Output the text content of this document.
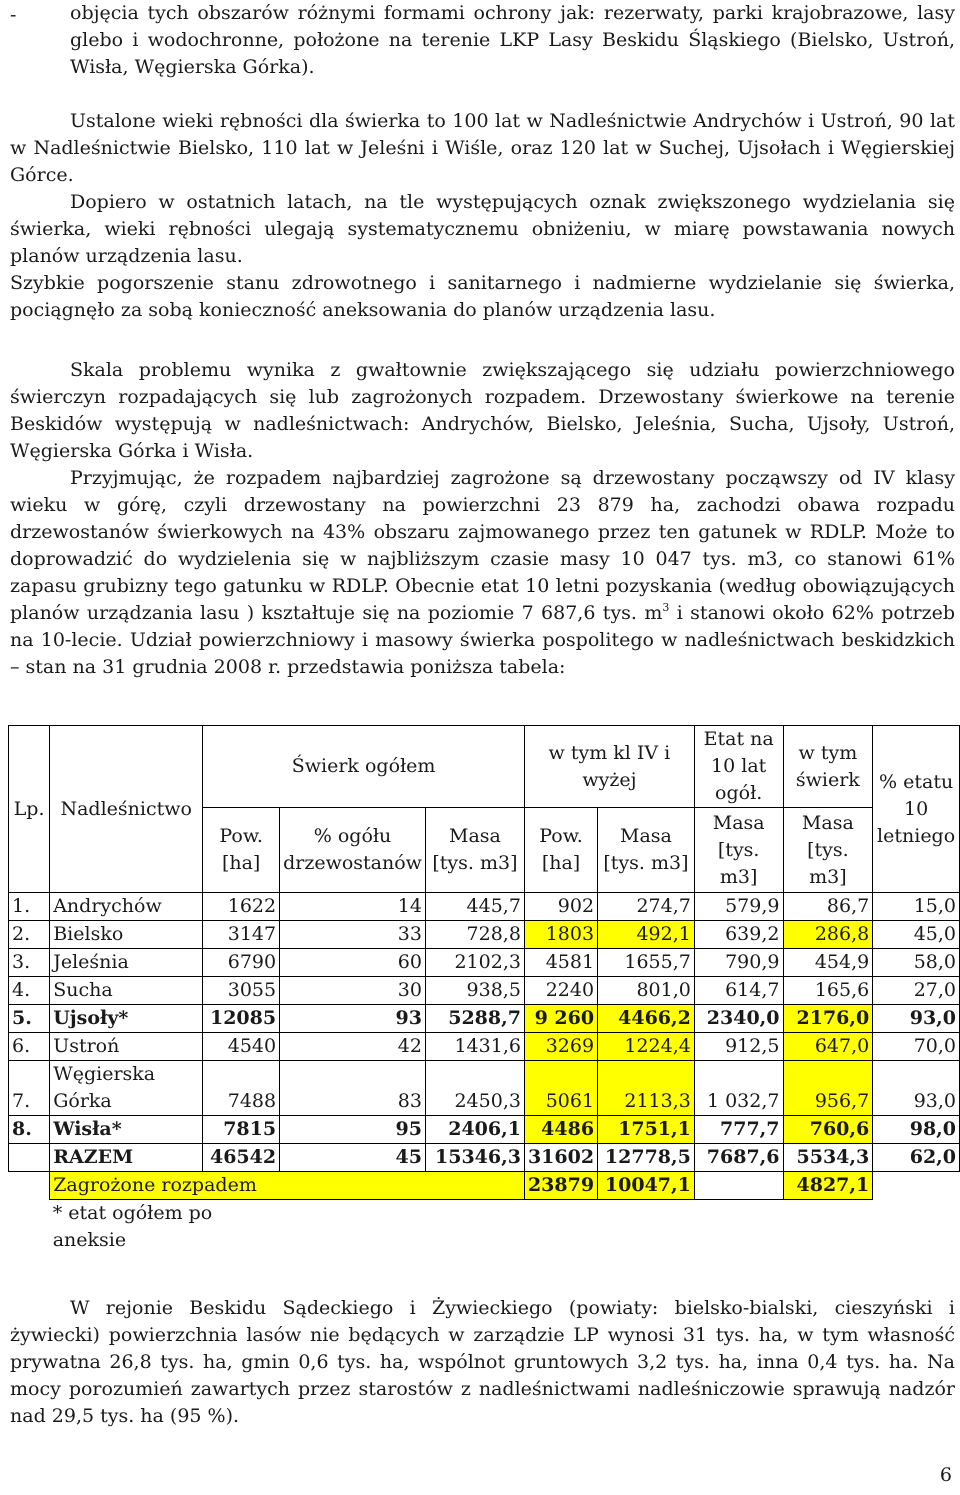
-	objęcia tych obszarów różnymi formami ochrony jak: rezerwaty, parki krajobrazowe, lasy glebo i wodochronne, położone na terenie LKP Lasy Beskidu Śląskiego (Bielsko, Ustroń, Wisła, Węgierska Górka).

Ustalone wieki rębności dla świerka to 100 lat w Nadleśnictwie Andrychów i Ustroń, 90 lat w Nadleśnictwie Bielsko, 110 lat w Jeleśni i Wiśle, oraz 120 lat w Suchej, Ujsołach i Węgierskiej Górce.

Dopiero w ostatnich latach, na tle występujących oznak zwiększonego wydzielania się świerka, wieki rębności ulegają systematycznemu obniżeniu, w miarę powstawania nowych planów urządzenia lasu.

Szybkie pogorszenie stanu zdrowotnego i sanitarnego i nadmierne wydzielanie się świerka, pociągnęło za sobą konieczność aneksowania do planów urządzenia lasu.

Skala problemu wynika z gwałtownie zwiększającego się udziału powierzchniowego świerczyn rozpadających się lub zagrożonych rozpadem. Drzewostany świerkowe na terenie Beskidów występują w nadleśnictwach: Andrychów, Bielsko, Jeleśnia, Sucha, Ujsoły, Ustroń, Węgierska Górka i Wisła.

Przyjmując, że rozpadem najbardziej zagrożone są drzewostany począwszy od IV klasy wieku w górę, czyli drzewostany na powierzchni 23 879 ha, zachodzi obawa rozpadu drzewostanów świerkowych na 43% obszaru zajmowanego przez ten gatunek w RDLP. Może to doprowadzić do wydzielenia się w najbliższym czasie masy 10 047 tys. m3, co stanowi 61% zapasu grubizny tego gatunku w RDLP. Obecnie etat 10 letni pozyskania (według obowiązujących planów urządzania lasu ) kształtuje się na poziomie 7 687,6 tys. $m^3$ i stanowi około 62% potrzeb na 10-lecie. Udział powierzchniowy i masowy świerka pospolitego w nadleśnictwach beskidzkich – stan na 31 grudnia 2008 r. przedstawia poniższa tabela:

Lp.	Nadleśnictwo	Świerk ogółem			w tym kl IV i wyżej		Etat na 10 lat ogół.	w tym świerk	% etatu 10 letniego
		Pow. [ha]	% ogółu drzewostanów	Masa [tys. m3]	Pow. [ha]	Masa [tys. m3]	Masa [tys. m3]	Masa [tys. m3]	
1.	Andrychów	1622	14	445,7	902	274,7	579,9	86,7	15,0
2.	Bielsko	3147	33	728,8	1803	492,1	639,2	286,8	45,0
3.	Jeleśnia	6790	60	2102,3	4581	1655,7	790,9	454,9	58,0
4.	Sucha	3055	30	938,5	2240	801,0	614,7	165,6	27,0
5.	Ujsoły*	12085	93	5288,7	9 260	4466,2	2340,0	2176,0	93,0
6.	Ustroń	4540	42	1431,6	3269	1224,4	912,5	647,0	70,0
7.	Węgierska Górka	7488	83	2450,3	5061	2113,3	1 032,7	956,7	93,0
8.	Wisła*	7815	95	2406,1	4486	1751,1	777,7	760,6	98,0
	RAZEM	46542	45	15346,3	31602	12778,5	7687,6	5534,3	62,0
	Zagrożone rozpadem				23879	10047,1		4827,1	
	* etat ogółem po aneksie								

W rejonie Beskidu Sądeckiego i Żywieckiego (powiaty: bielsko-bialski, cieszyński i żywiecki) powierzchnia lasów nie będących w zarządzie LP wynosi 31 tys. ha, w tym własność prywatna 26,8 tys. ha, gmin 0,6 tys. ha, wspólnot gruntowych 3,2 tys. ha, inna 0,4 tys. ha. Na mocy porozumień zawartych przez starostów z nadleśnictwami nadleśniczowie sprawują nadzór nad 29,5 tys. ha (95 %).

6
